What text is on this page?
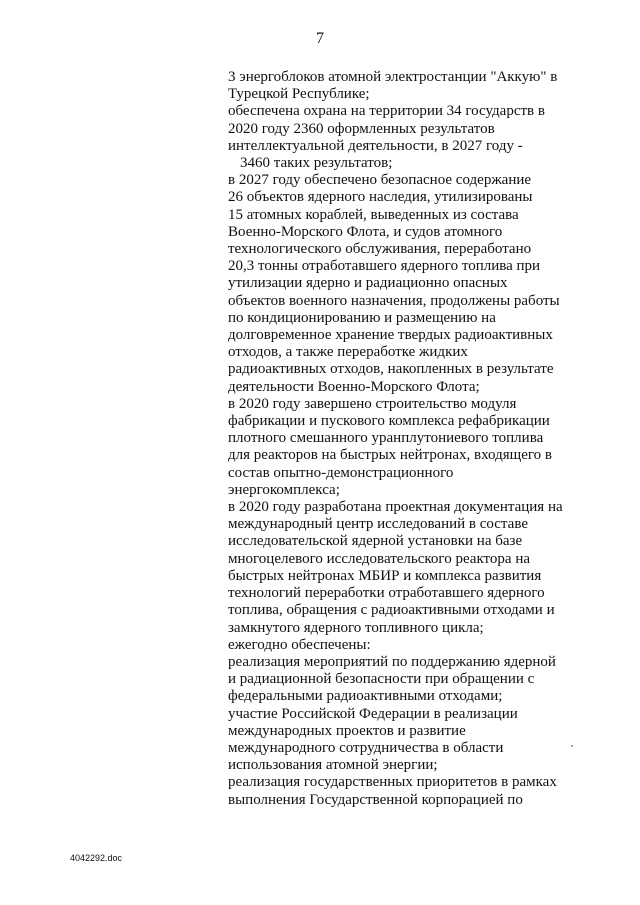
7
3 энергоблоков атомной электростанции "Аккую" в
Турецкой Республике;
обеспечена охрана на территории 34 государств в
2020 году 2360 оформленных результатов
интеллектуальной деятельности, в 2027 году -
3460 таких результатов;
в 2027 году обеспечено безопасное содержание
26 объектов ядерного наследия, утилизированы
15 атомных кораблей, выведенных из состава
Военно-Морского Флота, и судов атомного
технологического обслуживания, переработано
20,3 тонны отработавшего ядерного топлива при
утилизации ядерно и радиационно опасных
объектов военного назначения, продолжены работы
по кондиционированию и размещению на
долговременное хранение твердых радиоактивных
отходов, а также переработке жидких
радиоактивных отходов, накопленных в результате
деятельности Военно-Морского Флота;
в 2020 году завершено строительство модуля
фабрикации и пускового комплекса рефабрикации
плотного смешанного уранплутониевого топлива
для реакторов на быстрых нейтронах, входящего в
состав опытно-демонстрационного
энергокомплекса;
в 2020 году разработана проектная документация на
международный центр исследований в составе
исследовательской ядерной установки на базе
многоцелевого исследовательского реактора на
быстрых нейтронах МБИР и комплекса развития
технологий переработки отработавшего ядерного
топлива, обращения с радиоактивными отходами и
замкнутого ядерного топливного цикла;
ежегодно обеспечены:
реализация мероприятий по поддержанию ядерной
и радиационной безопасности при обращении с
федеральными радиоактивными отходами;
участие Российской Федерации в реализации
международных проектов и развитие
международного сотрудничества в области
использования атомной энергии;
реализация государственных приоритетов в рамках
выполнения Государственной корпорацией по
4042292.doc
